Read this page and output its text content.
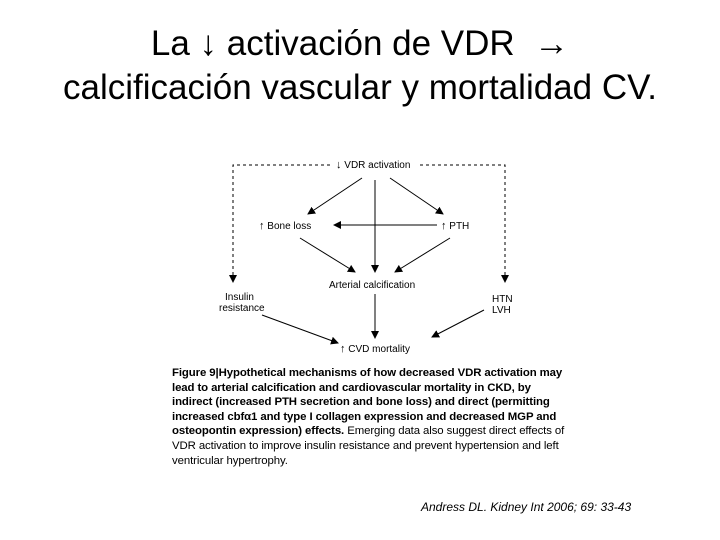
La ↓ activación de VDR →
calcificación vascular y mortalidad CV.
↓ VDR activation
↑ Bone loss	↑ PTH
Arterial calcification
Insulin
resistance
HTN
LVH
↑ CVD mortality
Figure 9|Hypothetical mechanisms of how decreased VDR activation may lead to arterial calcification and cardiovascular mortality in CKD, by indirect (increased PTH secretion and bone loss) and direct (permitting increased cbfα1 and type I collagen expression and decreased MGP and osteopontin expression) effects. Emerging data also suggest direct effects of VDR activation to improve insulin resistance and prevent hypertension and left ventricular hypertrophy.
Andress DL. Kidney Int 2006; 69: 33-43
